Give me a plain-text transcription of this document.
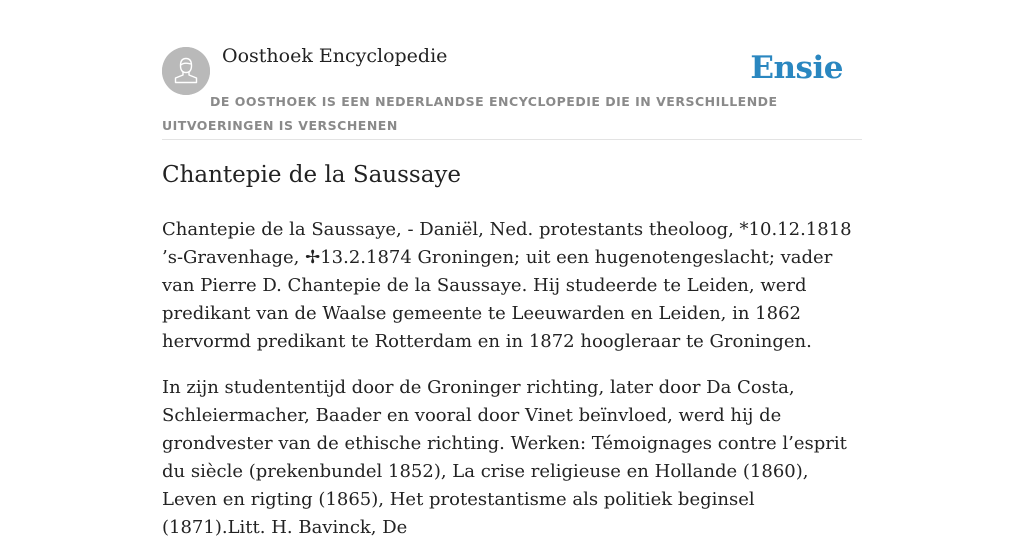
Oosthoek Encyclopedie	Ensie

DE OOSTHOEK IS EEN NEDERLANDSE ENCYCLOPEDIE DIE IN VERSCHILLENDE UITVOERINGEN IS VERSCHENEN

Chantepie de la Saussaye

Chantepie de la Saussaye, - Daniël, Ned. protestants theoloog, *10.12.1818 ’s-Gravenhage, ✢13.2.1874 Groningen; uit een hugenotengeslacht; vader van Pierre D. Chantepie de la Saussaye. Hij studeerde te Leiden, werd predikant van de Waalse gemeente te Leeuwarden en Leiden, in 1862 hervormd predikant te Rotterdam en in 1872 hoogleraar te Groningen.

In zijn studententijd door de Groninger richting, later door Da Costa, Schleiermacher, Baader en vooral door Vinet beïnvloed, werd hij de grondvester van de ethische richting. Werken: Témoignages contre l’esprit du siècle (prekenbundel 1852), La crise religieuse en Hollande (1860), Leven en rigting (1865), Het protestantisme als politiek beginsel (1871).Litt. H. Bavinck, De
